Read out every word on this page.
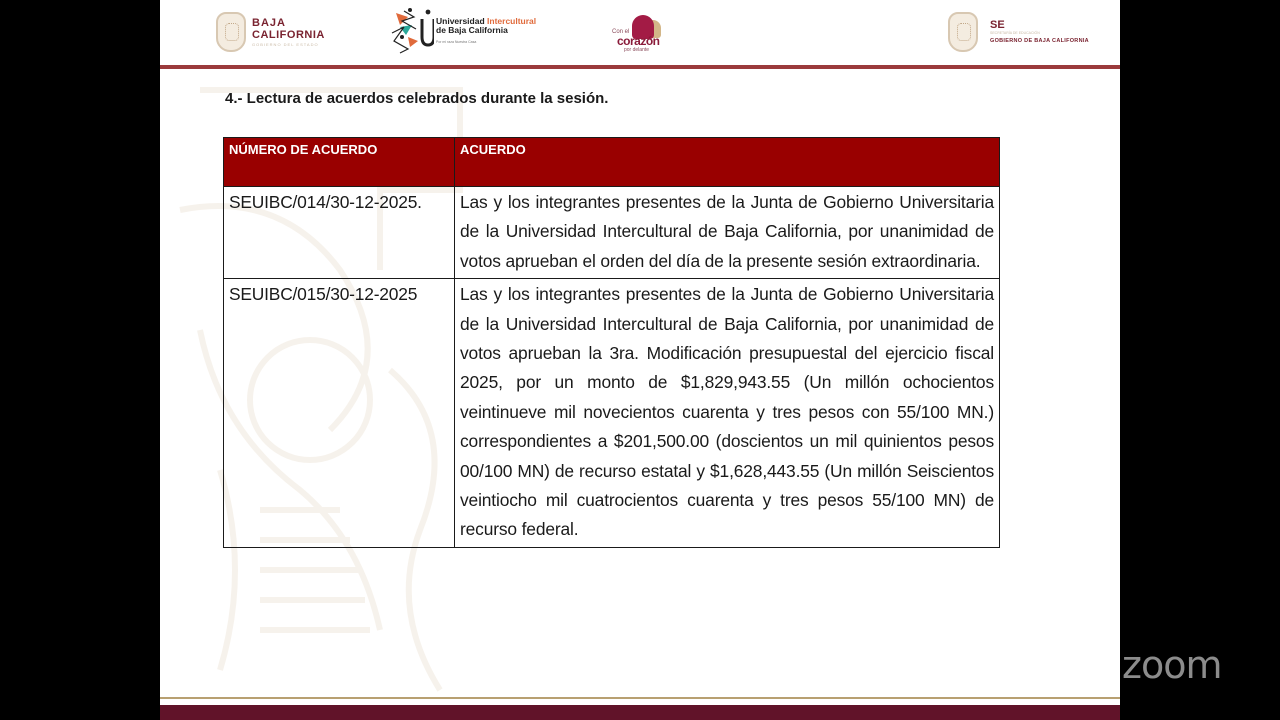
BAJA
CALIFORNIA
GOBIERNO DEL ESTADO
Universidad Intercultural
de Baja California
Por mi raza Nuestra Casa
Con el
corazón
por delante
SE
SECRETARÍA DE EDUCACIÓN
GOBIERNO DE BAJA CALIFORNIA
4.- Lectura de acuerdos celebrados durante la sesión.
NÚMERO DE ACUERDO	ACUERDO
SEUIBC/014/30-12-2025.	Las y los integrantes presentes de la Junta de Gobierno Universitaria de la Universidad Intercultural de Baja California, por unanimidad de votos aprueban el orden del día de la presente sesión extraordinaria.
SEUIBC/015/30-12-2025	Las y los integrantes presentes de la Junta de Gobierno Universitaria de la Universidad Intercultural de Baja California, por unanimidad de votos aprueban la 3ra. Modificación presupuestal del ejercicio fiscal 2025, por un monto de $1,829,943.55 (Un millón ochocientos veintinueve mil novecientos cuarenta y tres pesos con 55/100 MN.) correspondientes a $201,500.00 (doscientos un mil quinientos pesos 00/100 MN) de recurso estatal y $1,628,443.55 (Un millón Seiscientos veintiocho mil cuatrocientos cuarenta y tres pesos 55/100 MN) de recurso federal.
zoom
